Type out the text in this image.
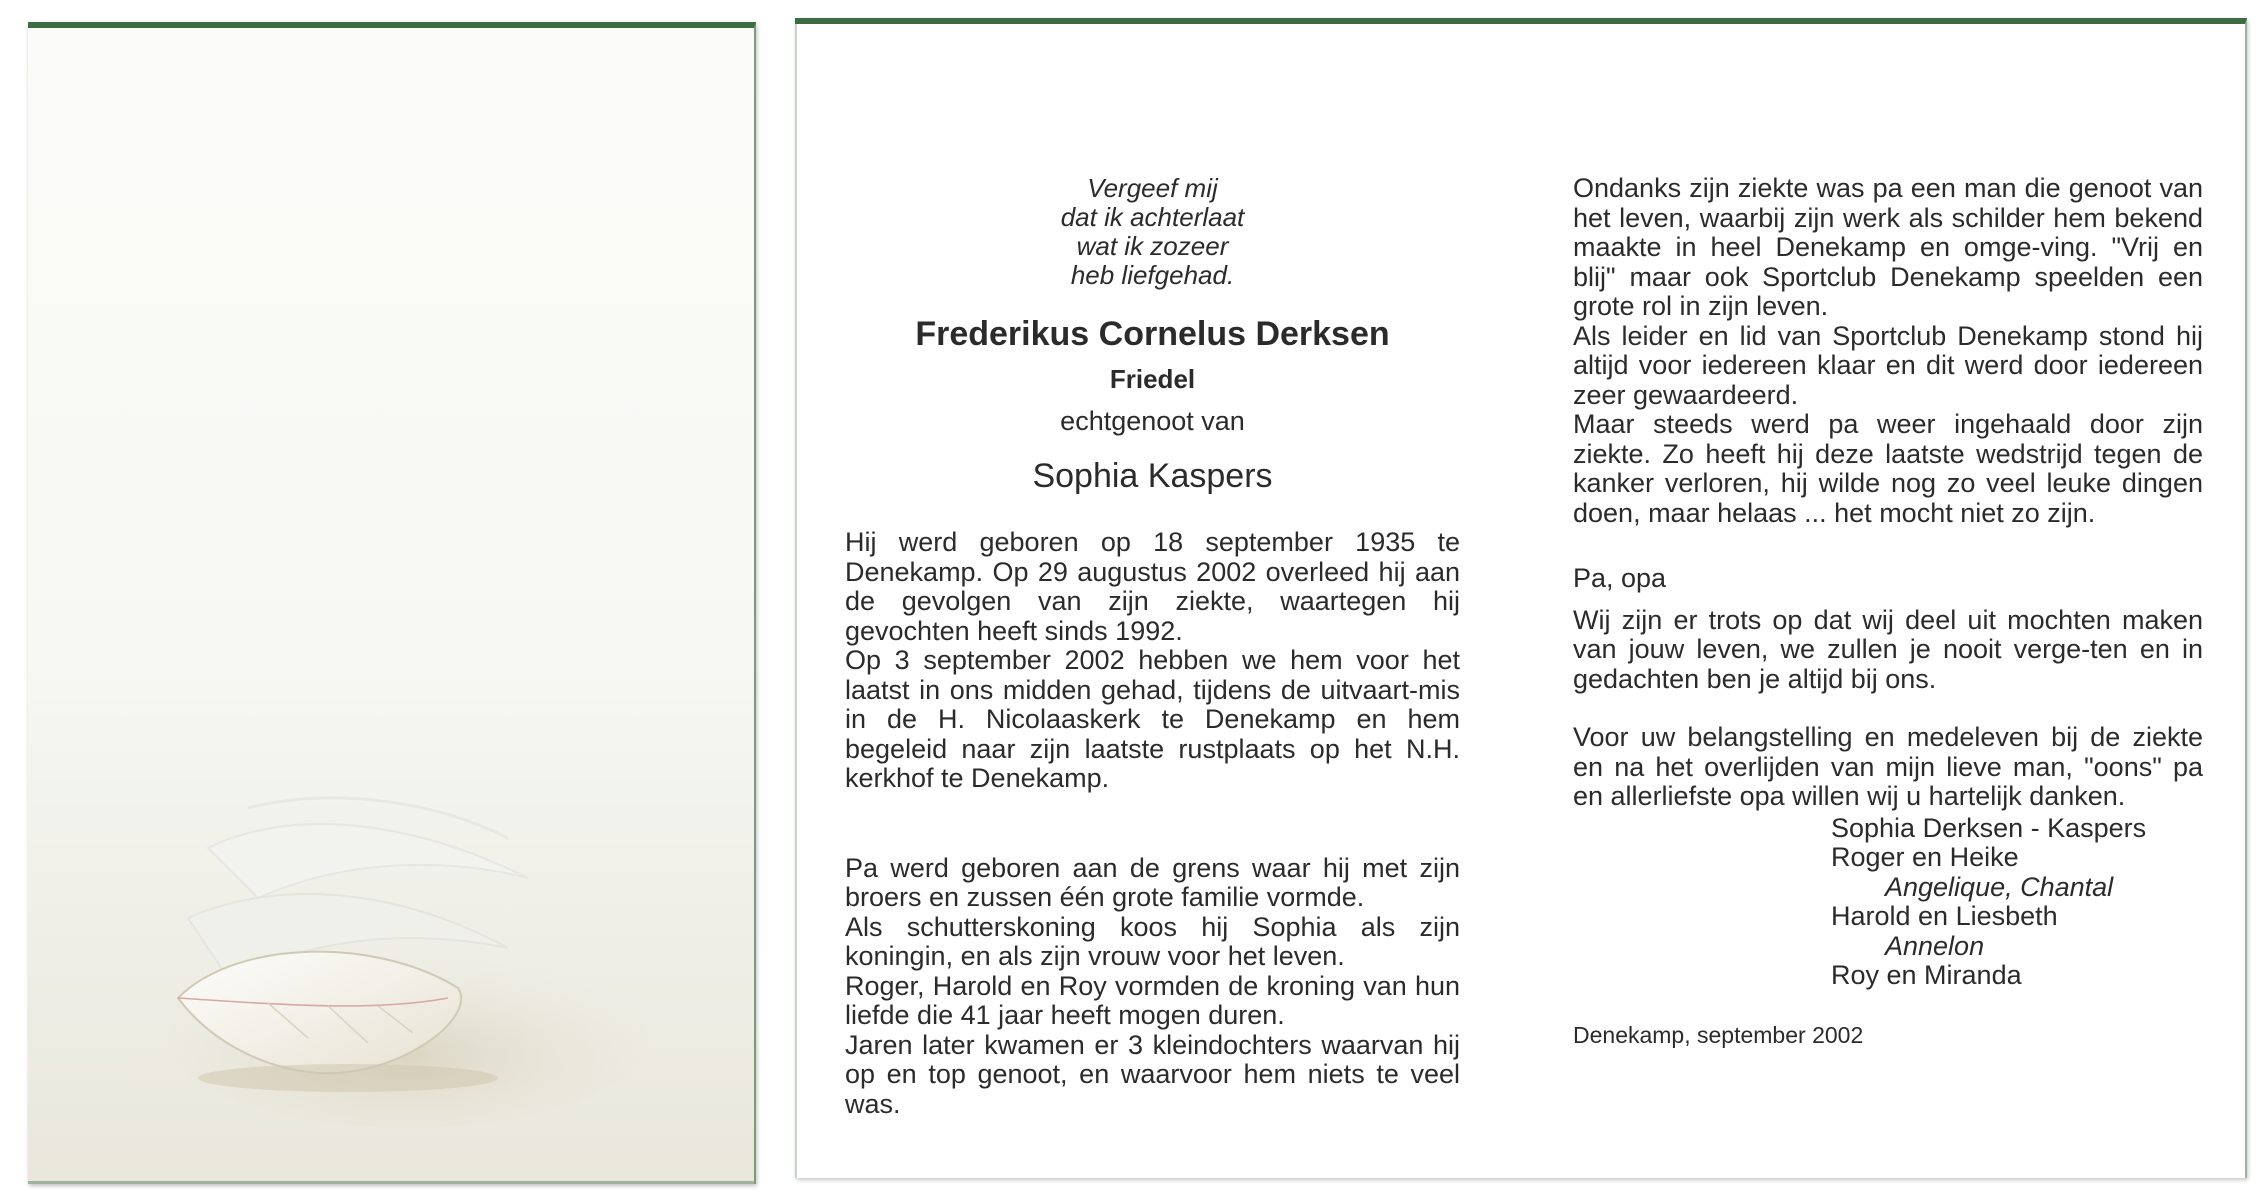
Vergeef mij
dat ik achterlaat
wat ik zozeer
heb liefgehad.
Frederikus Cornelus Derksen
Friedel
echtgenoot van
Sophia Kaspers

Hij werd geboren op 18 september 1935 te Denekamp. Op 29 augustus 2002 overleed hij aan de gevolgen van zijn ziekte, waartegen hij gevochten heeft sinds 1992.

Op 3 september 2002 hebben we hem voor het laatst in ons midden gehad, tijdens de uitvaart-mis in de H. Nicolaaskerk te Denekamp en hem begeleid naar zijn laatste rustplaats op het N.H. kerkhof te Denekamp.

Pa werd geboren aan de grens waar hij met zijn broers en zussen één grote familie vormde.

Als schutterskoning koos hij Sophia als zijn koningin, en als zijn vrouw voor het leven.

Roger, Harold en Roy vormden de kroning van hun liefde die 41 jaar heeft mogen duren.

Jaren later kwamen er 3 kleindochters waarvan hij op en top genoot, en waarvoor hem niets te veel was.

Ondanks zijn ziekte was pa een man die genoot van het leven, waarbij zijn werk als schilder hem bekend maakte in heel Denekamp en omge-ving. "Vrij en blij" maar ook Sportclub Denekamp speelden een grote rol in zijn leven.

Als leider en lid van Sportclub Denekamp stond hij altijd voor iedereen klaar en dit werd door iedereen zeer gewaardeerd.

Maar steeds werd pa weer ingehaald door zijn ziekte. Zo heeft hij deze laatste wedstrijd tegen de kanker verloren, hij wilde nog zo veel leuke dingen doen, maar helaas ... het mocht niet zo zijn.

Pa, opa

Wij zijn er trots op dat wij deel uit mochten maken van jouw leven, we zullen je nooit verge-ten en in gedachten ben je altijd bij ons.

Voor uw belangstelling en medeleven bij de ziekte en na het overlijden van mijn lieve man, "oons" pa en allerliefste opa willen wij u hartelijk danken.

Sophia Derksen - Kaspers
Roger en Heike
Angelique, Chantal
Harold en Liesbeth
Annelon
Roy en Miranda
Denekamp, september 2002
